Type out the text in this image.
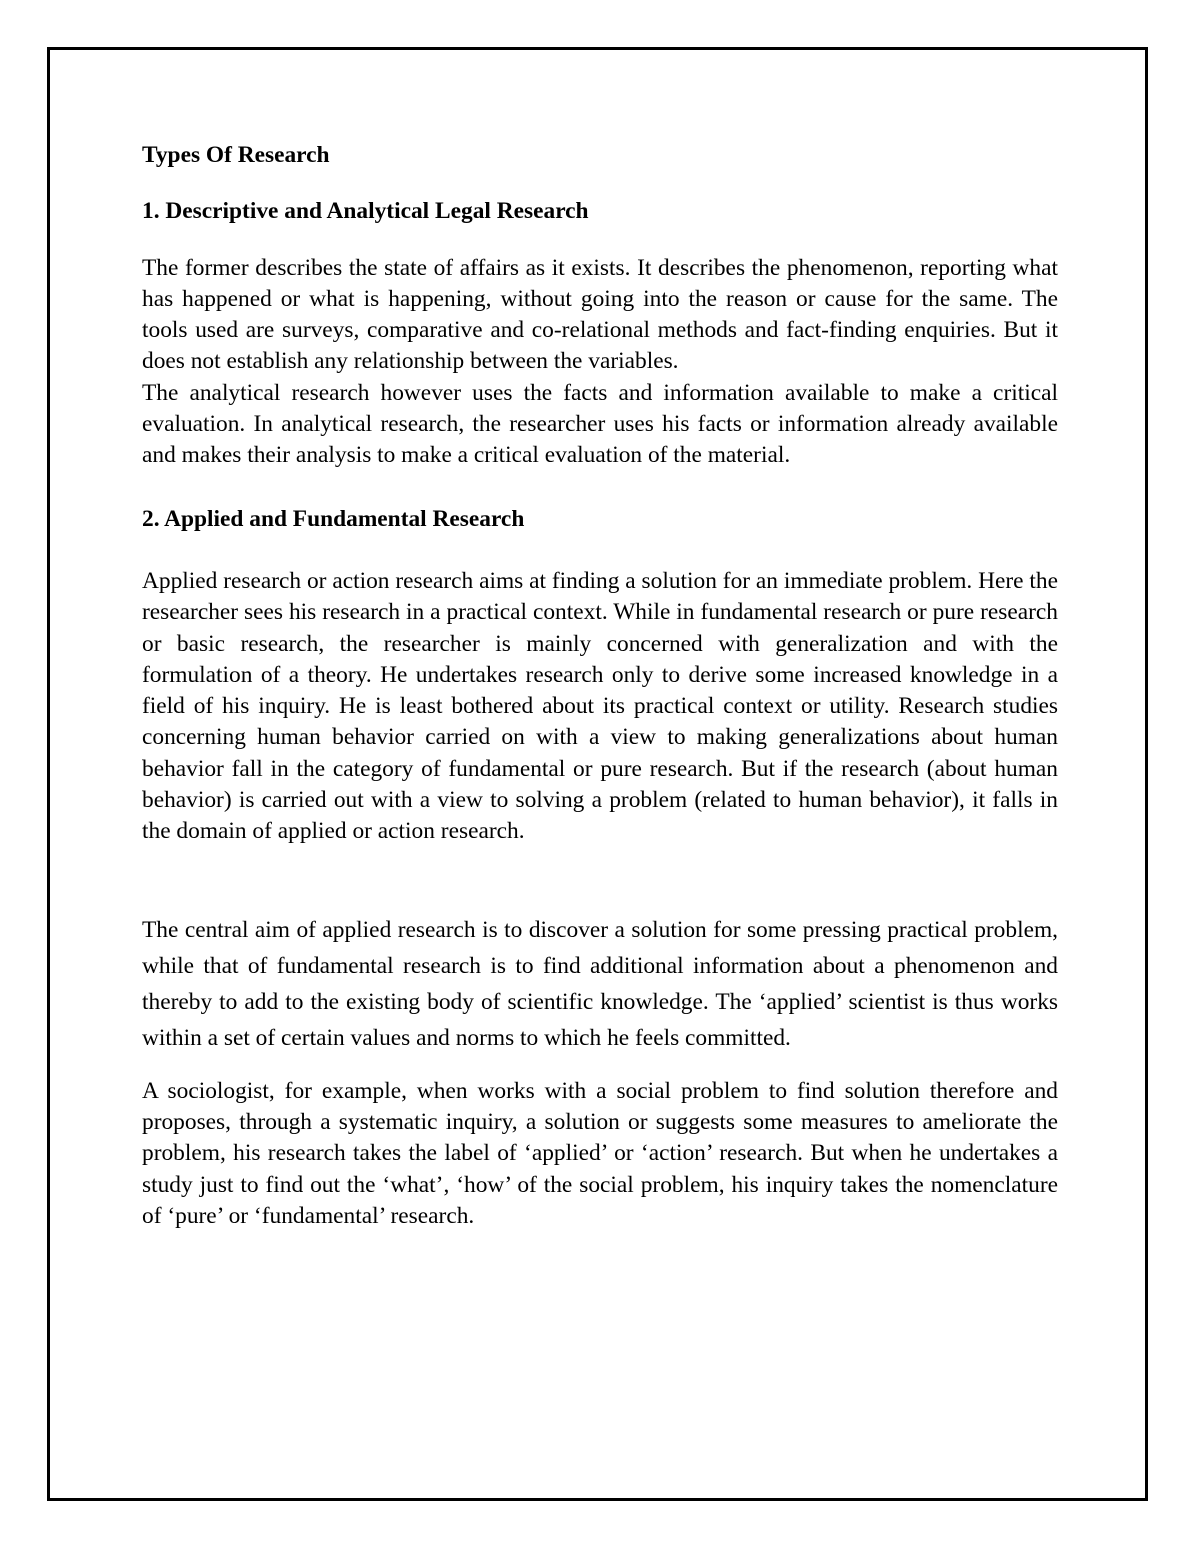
Types Of Research
1. Descriptive and Analytical Legal Research

The former describes the state of affairs as it exists. It describes the phenomenon, reporting what has happened or what is happening, without going into the reason or cause for the same. The tools used are surveys, comparative and co-relational methods and fact-finding enquiries. But it does not establish any relationship between the variables.

The analytical research however uses the facts and information available to make a critical evaluation. In analytical research, the researcher uses his facts or information already available and makes their analysis to make a critical evaluation of the material.

2. Applied and Fundamental Research

Applied research or action research aims at finding a solution for an immediate problem. Here the researcher sees his research in a practical context. While in fundamental research or pure research or basic research, the researcher is mainly concerned with generalization and with the formulation of a theory. He undertakes research only to derive some increased knowledge in a field of his inquiry. He is least bothered about its practical context or utility. Research studies concerning human behavior carried on with a view to making generalizations about human behavior fall in the category of fundamental or pure research. But if the research (about human behavior) is carried out with a view to solving a problem (related to human behavior), it falls in the domain of applied or action research.

The central aim of applied research is to discover a solution for some pressing practical problem, while that of fundamental research is to find additional information about a phenomenon and thereby to add to the existing body of scientific knowledge. The ‘applied’ scientist is thus works within a set of certain values and norms to which he feels committed.

A sociologist, for example, when works with a social problem to find solution therefore and proposes, through a systematic inquiry, a solution or suggests some measures to ameliorate the problem, his research takes the label of ‘applied’ or ‘action’ research. But when he undertakes a study just to find out the ‘what’, ‘how’ of the social problem, his inquiry takes the nomenclature of ‘pure’ or ‘fundamental’ research.
